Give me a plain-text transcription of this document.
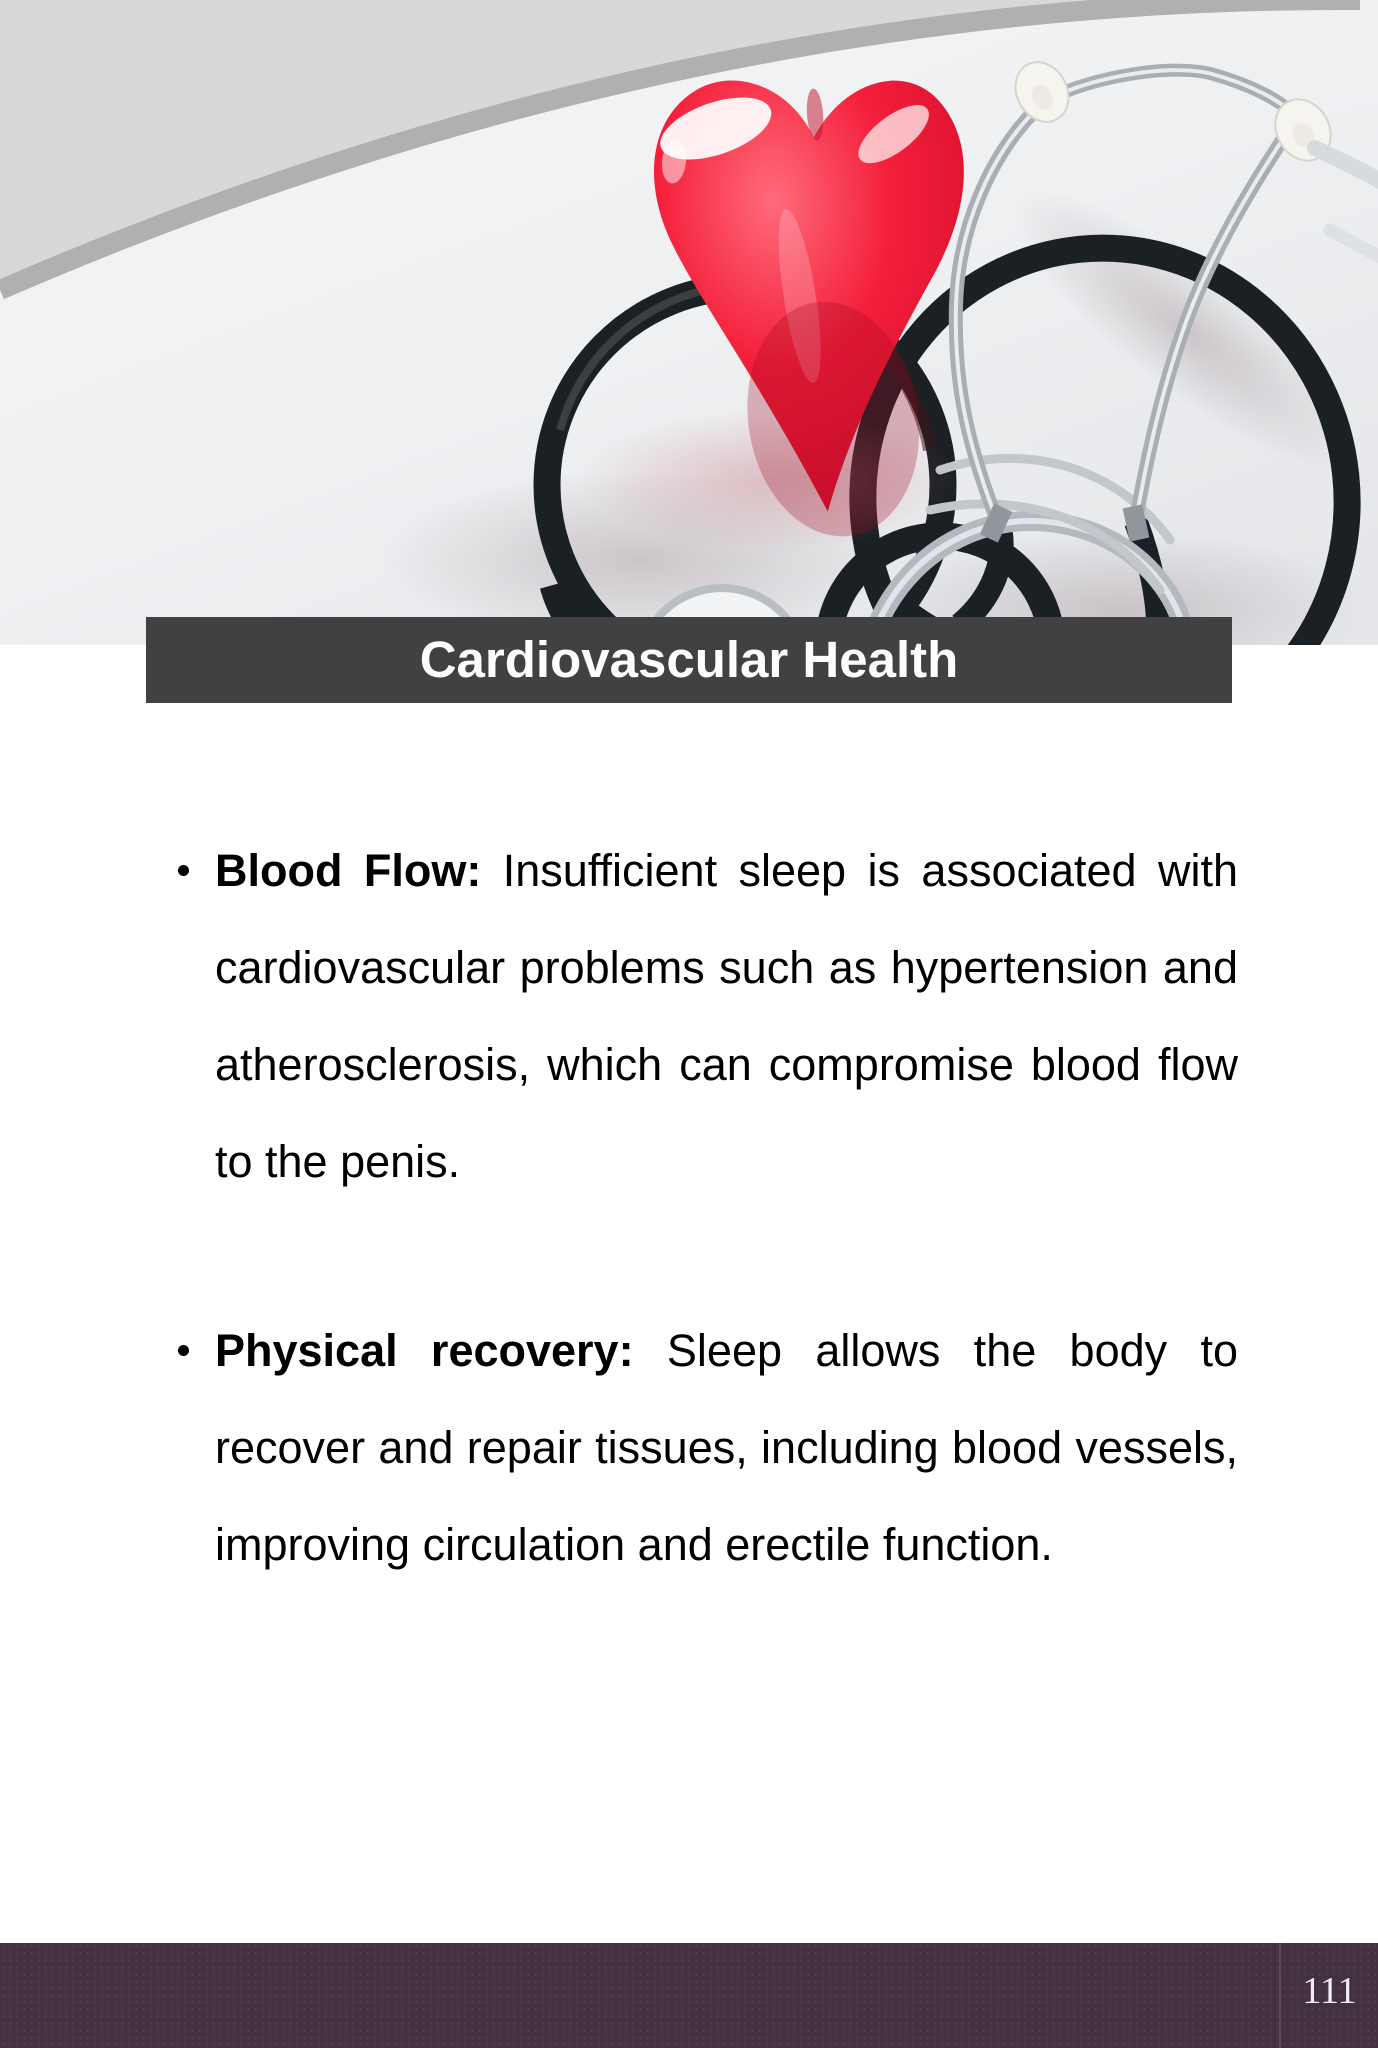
Cardiovascular Health
Blood Flow: Insufficient sleep is associated with
cardiovascular problems such as hypertension and
atherosclerosis, which can compromise blood flow
to the penis.
Physical recovery: Sleep allows the body to
recover and repair tissues, including blood vessels,
improving circulation and erectile function.
111
